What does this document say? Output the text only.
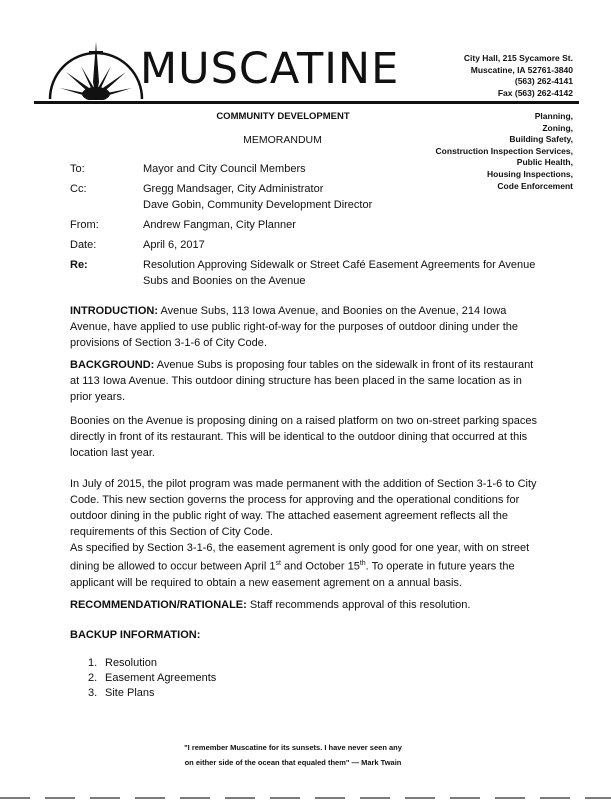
MUSCATINE	City Hall, 215 Sycamore St.
Muscatine, IA 52761-3840
(563) 262-4141
Fax (563) 262-4142
COMMUNITY DEVELOPMENT
MEMORANDUM
Planning,
Zoning,
Building Safety,
Construction Inspection Services,
Public Health,
Housing Inspections,
Code Enforcement
To:	Mayor and City Council Members
Cc:	Gregg Mandsager, City Administrator
Dave Gobin, Community Development Director
From:	Andrew Fangman, City Planner
Date:	April 6, 2017
Re:	Resolution Approving Sidewalk or Street Café Easement Agreements for Avenue Subs and Boonies on the Avenue
INTRODUCTION: Avenue Subs, 113 Iowa Avenue, and Boonies on the Avenue, 214 Iowa Avenue, have applied to use public right-of-way for the purposes of outdoor dining under the provisions of Section 3-1-6 of City Code.
BACKGROUND: Avenue Subs is proposing four tables on the sidewalk in front of its restaurant at 113 Iowa Avenue. This outdoor dining structure has been placed in the same location as in prior years.
Boonies on the Avenue is proposing dining on a raised platform on two on-street parking spaces directly in front of its restaurant. This will be identical to the outdoor dining that occurred at this location last year.
In July of 2015, the pilot program was made permanent with the addition of Section 3-1-6 to City Code. This new section governs the process for approving and the operational conditions for outdoor dining in the public right of way. The attached easement agreement reflects all the requirements of this Section of City Code.
As specified by Section 3-1-6, the easement agrement is only good for one year, with on street dining be allowed to occur between April 1st and October 15th. To operate in future years the applicant will be required to obtain a new easement agrement on a annual basis.
RECOMMENDATION/RATIONALE: Staff recommends approval of this resolution.
BACKUP INFORMATION:
1. Resolution
2. Easement Agreements
3. Site Plans
"I remember Muscatine for its sunsets. I have never seen any
on either side of the ocean that equaled them" — Mark Twain
